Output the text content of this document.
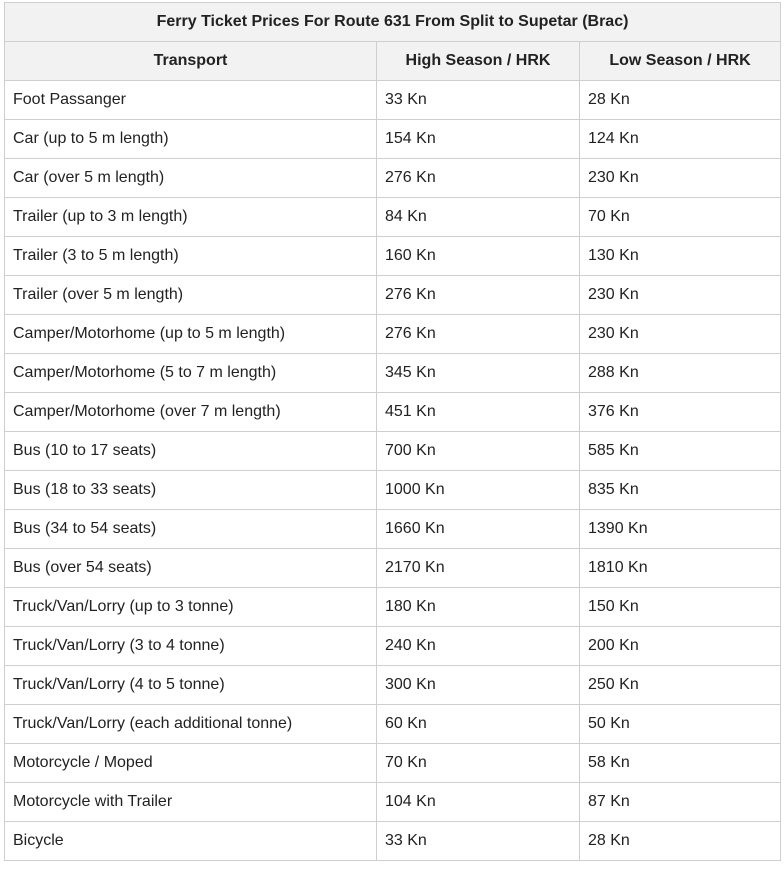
Ferry Ticket Prices For Route 631 From Split to Supetar (Brac)		
Transport	High Season / HRK	Low Season / HRK
Foot Passanger	33 Kn	28 Kn
Car (up to 5 m length)	154 Kn	124 Kn
Car (over 5 m length)	276 Kn	230 Kn
Trailer (up to 3 m length)	84 Kn	70 Kn
Trailer (3 to 5 m length)	160 Kn	130 Kn
Trailer (over 5 m length)	276 Kn	230 Kn
Camper/Motorhome (up to 5 m length)	276 Kn	230 Kn
Camper/Motorhome (5 to 7 m length)	345 Kn	288 Kn
Camper/Motorhome (over 7 m length)	451 Kn	376 Kn
Bus (10 to 17 seats)	700 Kn	585 Kn
Bus (18 to 33 seats)	1000 Kn	835 Kn
Bus (34 to 54 seats)	1660 Kn	1390 Kn
Bus (over 54 seats)	2170 Kn	1810 Kn
Truck/Van/Lorry (up to 3 tonne)	180 Kn	150 Kn
Truck/Van/Lorry (3 to 4 tonne)	240 Kn	200 Kn
Truck/Van/Lorry (4 to 5 tonne)	300 Kn	250 Kn
Truck/Van/Lorry (each additional tonne)	60 Kn	50 Kn
Motorcycle / Moped	70 Kn	58 Kn
Motorcycle with Trailer	104 Kn	87 Kn
Bicycle	33 Kn	28 Kn
